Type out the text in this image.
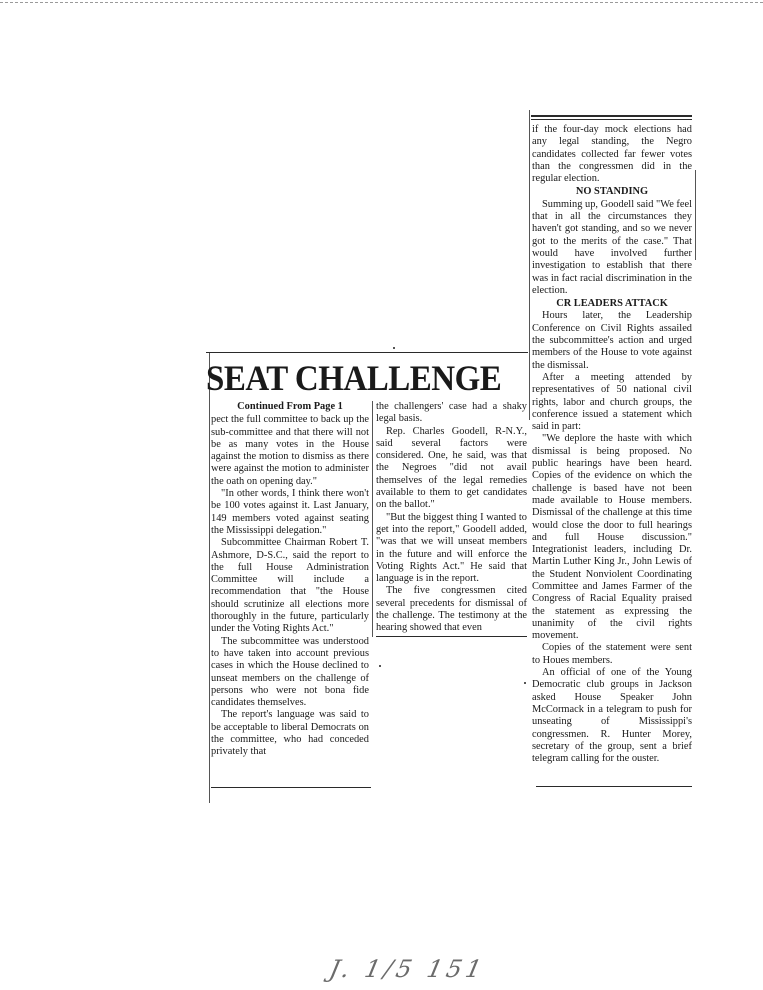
SEAT CHALLENGE
Continued From Page 1

pect the full committee to back up the sub-committee and that there will not be as many votes in the House against the motion to dismiss as there were against the motion to administer the oath on opening day."

"In other words, I think there won't be 100 votes against it. Last January, 149 members voted against seating the Mississippi delegation."

Subcommittee Chairman Robert T. Ashmore, D-S.C., said the report to the full House Administration Committee will include a recommendation that "the House should scrutinize all elections more thoroughly in the future, particularly under the Voting Rights Act."

The subcommittee was understood to have taken into account previous cases in which the House declined to unseat members on the challenge of persons who were not bona fide candidates themselves.

The report's language was said to be acceptable to liberal Democrats on the committee, who had conceded privately that

the challengers' case had a shaky legal basis.

Rep. Charles Goodell, R-N.Y., said several factors were considered. One, he said, was that the Negroes "did not avail themselves of the legal remedies available to them to get candidates on the ballot."

"But the biggest thing I wanted to get into the report," Goodell added, "was that we will unseat members in the future and will enforce the Voting Rights Act." He said that language is in the report.

The five congressmen cited several precedents for dismissal of the challenge. The testimony at the hearing showed that even

if the four-day mock elections had any legal standing, the Negro candidates collected far fewer votes than the congressmen did in the regular election.

NO STANDING

Summing up, Goodell said "We feel that in all the circumstances they haven't got standing, and so we never got to the merits of the case." That would have involved further investigation to establish that there was in fact racial discrimination in the election.

CR LEADERS ATTACK

Hours later, the Leadership Conference on Civil Rights assailed the subcommittee's action and urged members of the House to vote against the dismissal.

After a meeting attended by representatives of 50 national civil rights, labor and church groups, the conference issued a statement which said in part:

"We deplore the haste with which dismissal is being proposed. No public hearings have been heard. Copies of the evidence on which the challenge is based have not been made available to House members. Dismissal of the challenge at this time would close the door to full hearings and full House discussion." Integrationist leaders, including Dr. Martin Luther King Jr., John Lewis of the Student Nonviolent Coordinating Committee and James Farmer of the Congress of Racial Equality praised the statement as expressing the unanimity of the civil rights movement.

Copies of the statement were sent to Houes members.

An official of one of the Young Democratic club groups in Jackson asked House Speaker John McCormack in a telegram to push for unseating of Mississippi's congressmen. R. Hunter Morey, secretary of the group, sent a brief telegram calling for the ouster.

J. 1/5 151
